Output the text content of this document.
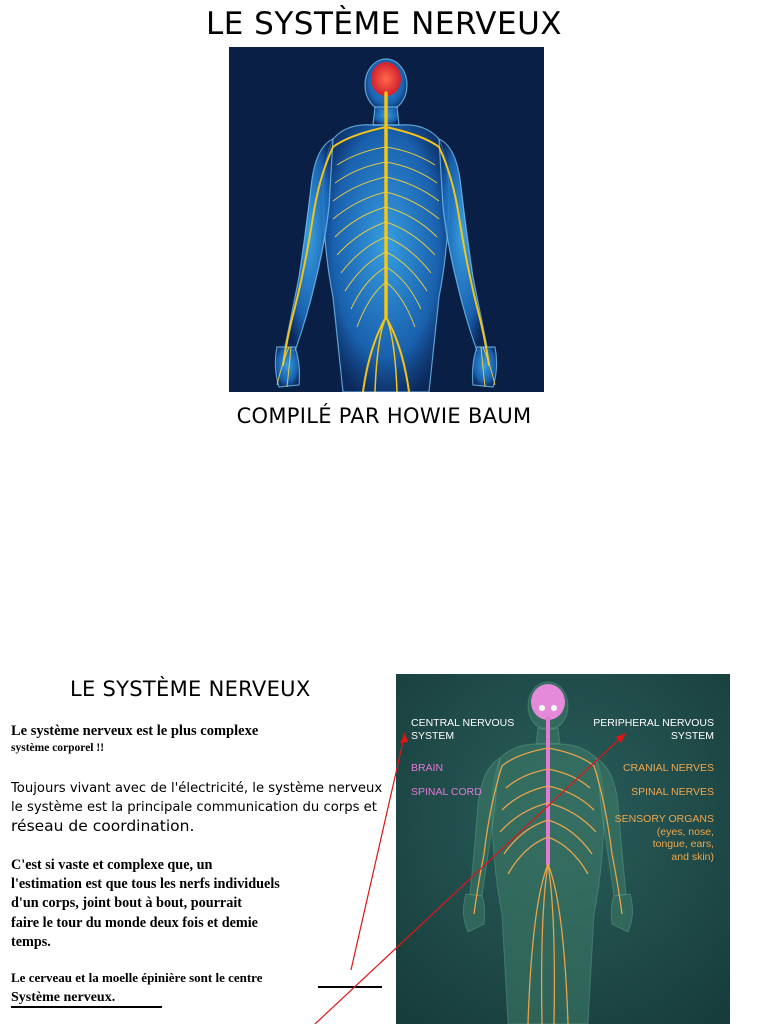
LE SYSTÈME NERVEUX
COMPILÉ PAR HOWIE BAUM
LE SYSTÈME NERVEUX
Le système nerveux est le plus complexe
système corporel !!
Toujours vivant avec de l'électricité, le système nerveux
le système est la principale communication du corps et
réseau de coordination.
C'est si vaste et complexe que, un
l'estimation est que tous les nerfs individuels
d'un corps, joint bout à bout, pourrait
faire le tour du monde deux fois et demie
temps.
Le cerveau et la moelle épinière sont le centre
Système nerveux.
CENTRAL NERVOUS
SYSTEM
BRAIN
SPINAL CORD
PERIPHERAL NERVOUS
SYSTEM
CRANIAL NERVES
SPINAL NERVES
SENSORY ORGANS
(eyes, nose,
tongue, ears,
and skin)
